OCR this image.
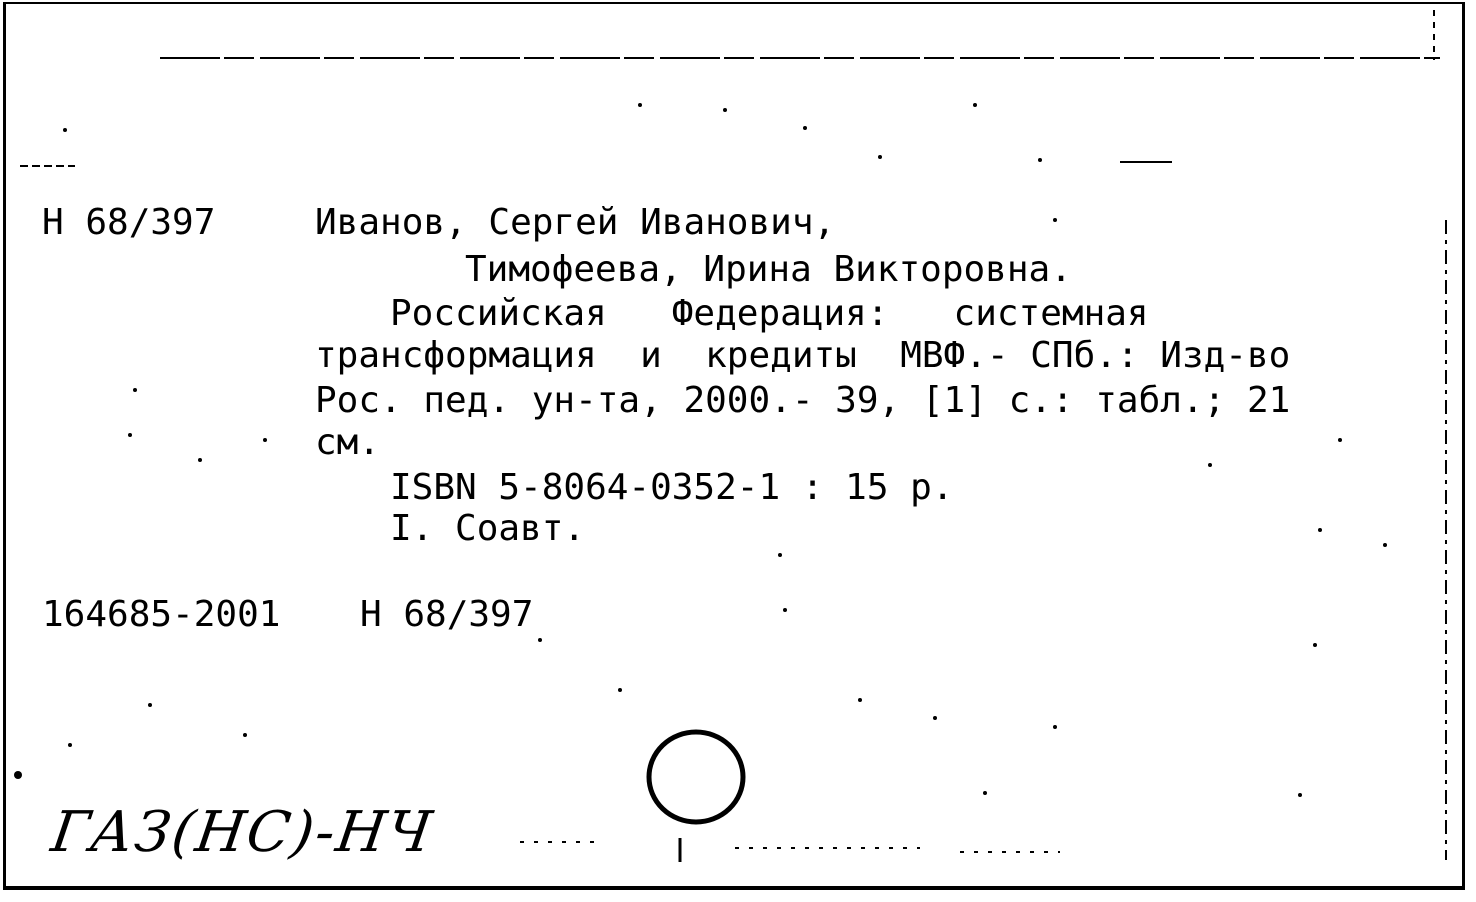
Н 68/397	Иванов, Сергей Иванович,
Тимофеева, Ирина Викторовна.
Российская   Федерация:   системная
трансформация  и  кредиты  МВФ.- СПб.: Изд-во
Рос. пед. ун-та, 2000.- 39, [1] с.: табл.; 21
см.
ISBN 5-8064-0352-1 : 15 р.
I. Соавт.
164685-2001 Н 68/397
ГАЗ(НС)-НЧ
